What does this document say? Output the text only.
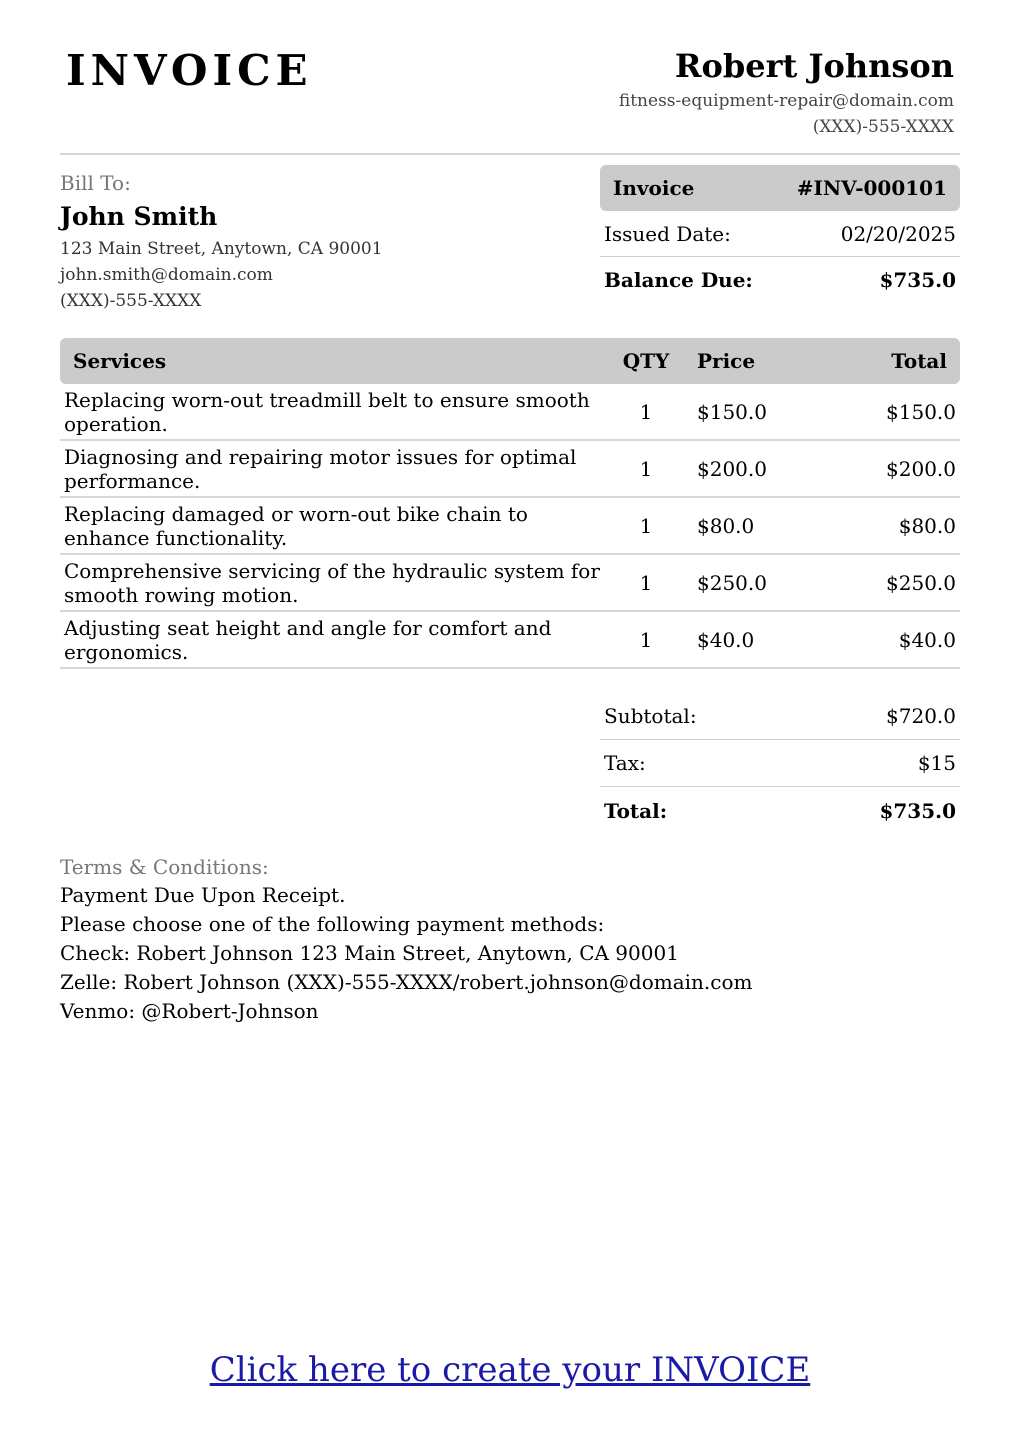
INVOICE	Robert Johnson
fitness-equipment-repair@domain.com
(XXX)-555-XXXX
Bill To:
John Smith
123 Main Street, Anytown, CA 90001
john.smith@domain.com
(XXX)-555-XXXX
Invoice	#INV-000101
Issued Date:	02/20/2025
Balance Due:	$735.0
Services	QTY	Price	Total
Replacing worn-out treadmill belt to ensure smooth operation.	1	$150.0	$150.0
Diagnosing and repairing motor issues for optimal performance.	1	$200.0	$200.0
Replacing damaged or worn-out bike chain to enhance functionality.	1	$80.0	$80.0
Comprehensive servicing of the hydraulic system for smooth rowing motion.	1	$250.0	$250.0
Adjusting seat height and angle for comfort and ergonomics.	1	$40.0	$40.0
Subtotal:	$720.0
Tax:	$15
Total:	$735.0
Terms & Conditions:
Payment Due Upon Receipt.
Please choose one of the following payment methods:
Check: Robert Johnson 123 Main Street, Anytown, CA 90001
Zelle: Robert Johnson (XXX)-555-XXXX/robert.johnson@domain.com
Venmo: @Robert-Johnson
Click here to create your INVOICE
